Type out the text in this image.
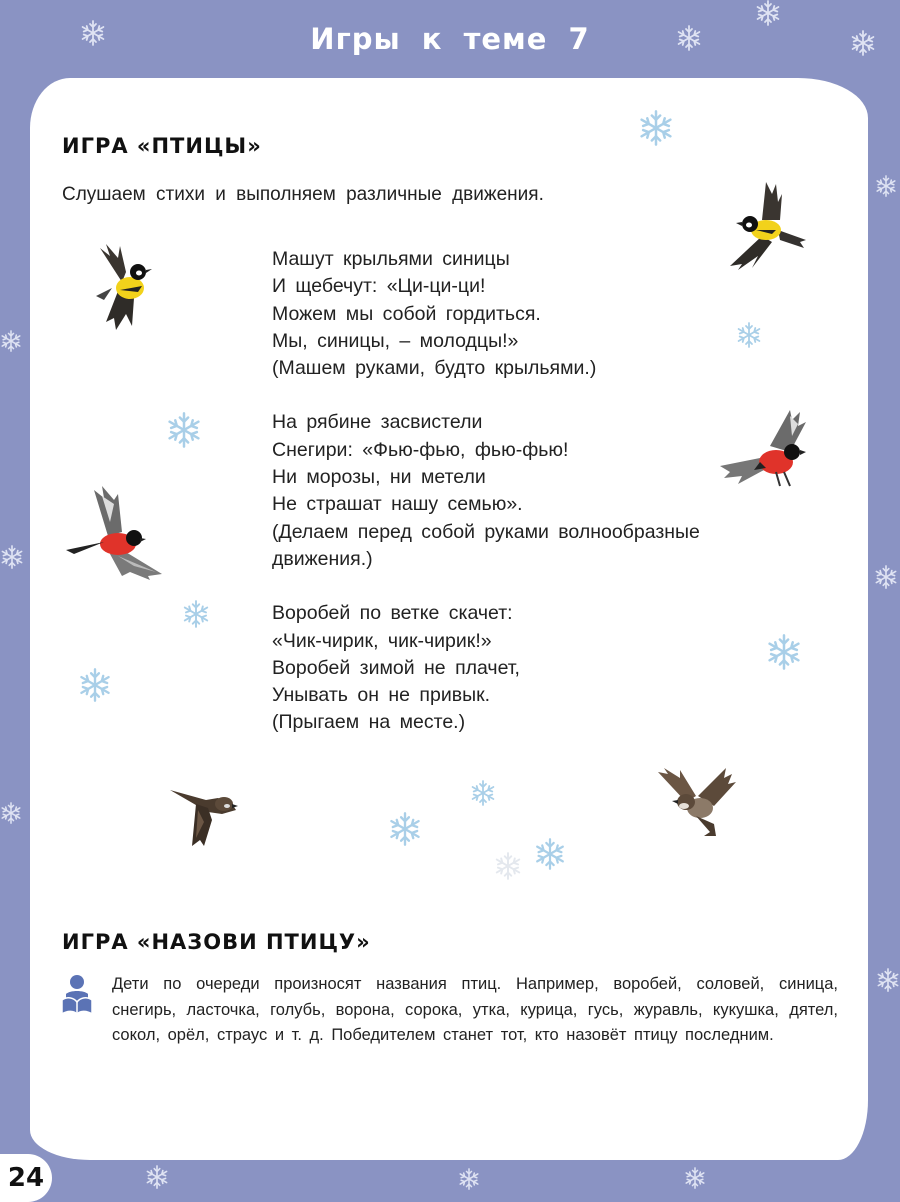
Игры к теме 7
ИГРА «ПТИЦЫ»
Слушаем стихи и выполняем различные движения.
Машут крыльями синицы
И щебечут: «Ци-ци-ци!
Можем мы собой гордиться.
Мы, синицы, – молодцы!»
(Машем руками, будто крыльями.)
На рябине засвистели
Снегири: «Фью-фью, фью-фью!
Ни морозы, ни метели
Не страшат нашу семью».
(Делаем перед собой руками волнообразные
движения.)
Воробей по ветке скачет:
«Чик-чирик, чик-чирик!»
Воробей зимой не плачет,
Унывать он не привык.
(Прыгаем на месте.)
ИГРА «НАЗОВИ ПТИЦУ»
Дети по очереди произносят названия птиц. Например, воробей, соловей, синица, снегирь, ласточка, голубь, ворона, сорока, утка, курица, гусь, журавль, кукушка, дятел, сокол, орёл, страус и т. д. Победителем станет тот, кто назовёт птицу последним.
24
